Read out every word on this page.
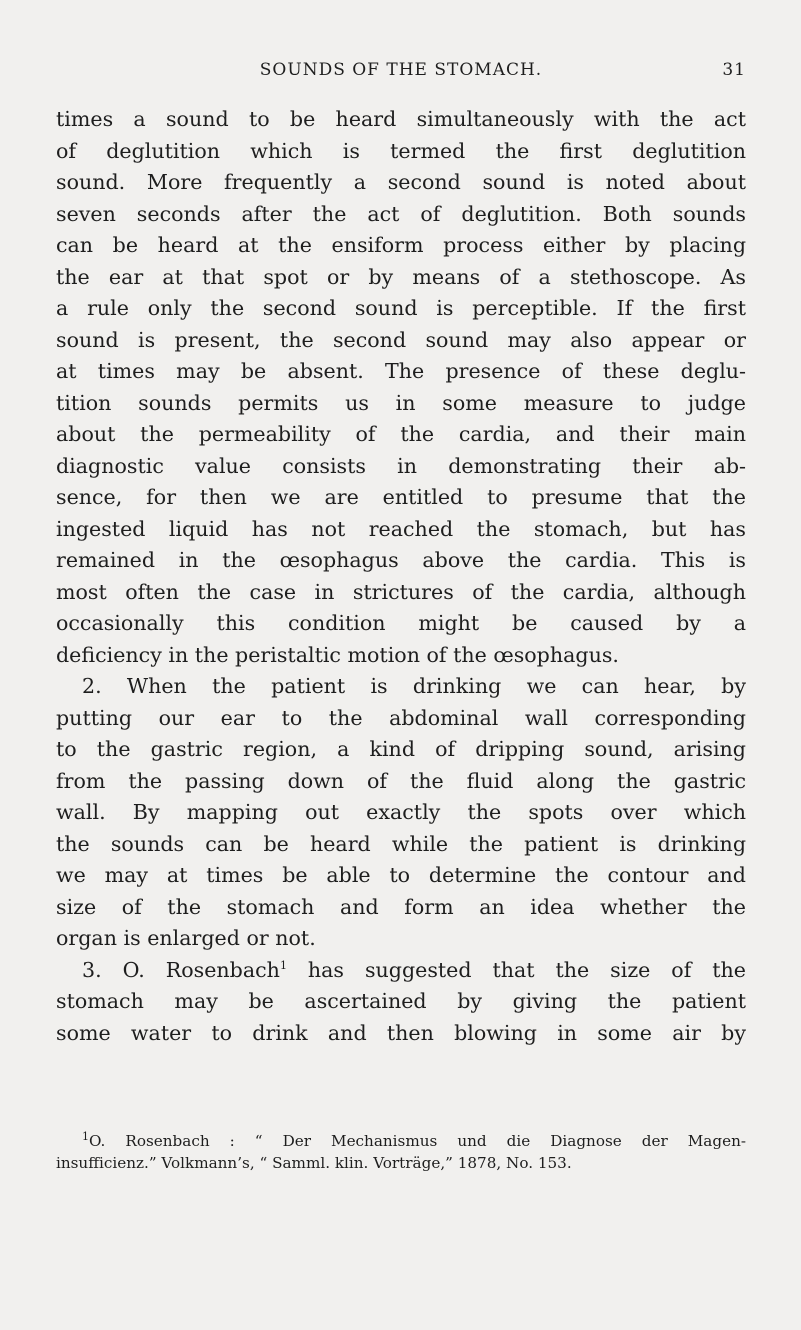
SOUNDS OF THE STOMACH.	31
times a sound to be heard simultaneously with the act
of deglutition which is termed the first deglutition
sound. More frequently a second sound is noted about
seven seconds after the act of deglutition. Both sounds
can be heard at the ensiform process either by placing
the ear at that spot or by means of a stethoscope. As
a rule only the second sound is perceptible. If the first
sound is present, the second sound may also appear or
at times may be absent. The presence of these deglu-
tition sounds permits us in some measure to judge
about the permeability of the cardia, and their main
diagnostic value consists in demonstrating their ab-
sence, for then we are entitled to presume that the
ingested liquid has not reached the stomach, but has
remained in the œsophagus above the cardia. This is
most often the case in strictures of the cardia, although
occasionally this condition might be caused by a
deficiency in the peristaltic motion of the œsophagus.
2. When the patient is drinking we can hear, by
putting our ear to the abdominal wall corresponding
to the gastric region, a kind of dripping sound, arising
from the passing down of the fluid along the gastric
wall. By mapping out exactly the spots over which
the sounds can be heard while the patient is drinking
we may at times be able to determine the contour and
size of the stomach and form an idea whether the
organ is enlarged or not.
3. O. Rosenbach$^1$ has suggested that the size of the
stomach may be ascertained by giving the patient
some water to drink and then blowing in some air by
$^1$O. Rosenbach : “ Der Mechanismus und die Diagnose der Magen-
insufficienz.” Volkmann’s, “ Samml. klin. Vorträge,” 1878, No. 153.
